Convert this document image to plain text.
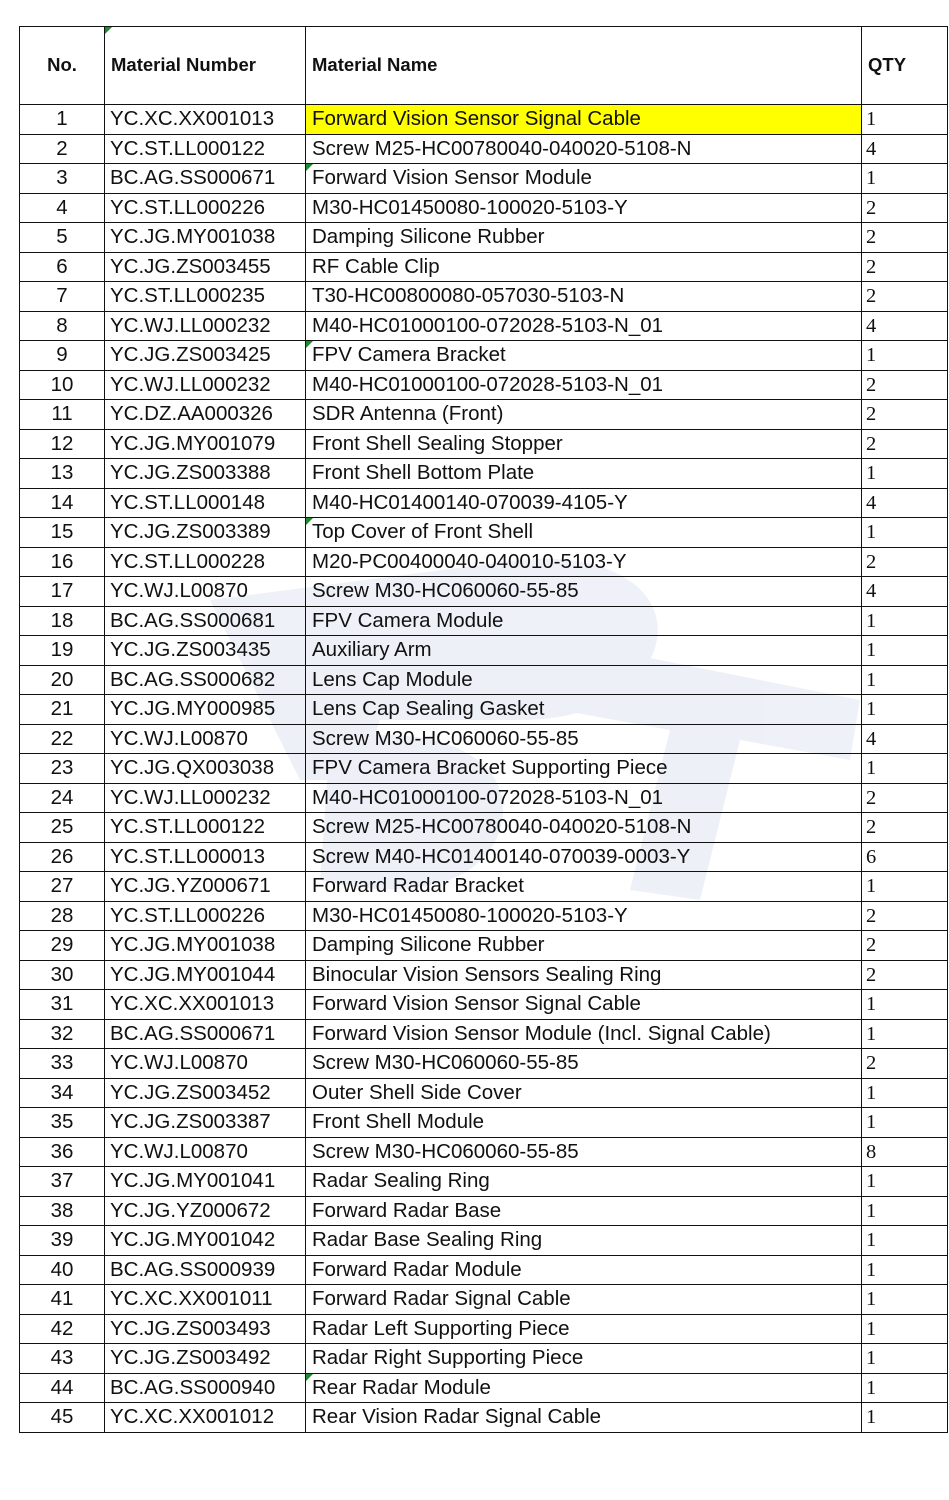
No.	Material Number	Material Name	QTY
1	YC.XC.XX001013	Forward Vision Sensor Signal Cable	1
2	YC.ST.LL000122	Screw M25-HC00780040-040020-5108-N	4
3	BC.AG.SS000671	Forward Vision Sensor Module	1
4	YC.ST.LL000226	M30-HC01450080-100020-5103-Y	2
5	YC.JG.MY001038	Damping Silicone Rubber	2
6	YC.JG.ZS003455	RF Cable Clip	2
7	YC.ST.LL000235	T30-HC00800080-057030-5103-N	2
8	YC.WJ.LL000232	M40-HC01000100-072028-5103-N_01	4
9	YC.JG.ZS003425	FPV Camera Bracket	1
10	YC.WJ.LL000232	M40-HC01000100-072028-5103-N_01	2
11	YC.DZ.AA000326	SDR Antenna (Front)	2
12	YC.JG.MY001079	Front Shell Sealing Stopper	2
13	YC.JG.ZS003388	Front Shell Bottom Plate	1
14	YC.ST.LL000148	M40-HC01400140-070039-4105-Y	4
15	YC.JG.ZS003389	Top Cover of Front Shell	1
16	YC.ST.LL000228	M20-PC00400040-040010-5103-Y	2
17	YC.WJ.L00870	Screw M30-HC060060-55-85	4
18	BC.AG.SS000681	FPV Camera Module	1
19	YC.JG.ZS003435	Auxiliary Arm	1
20	BC.AG.SS000682	Lens Cap Module	1
21	YC.JG.MY000985	Lens Cap Sealing Gasket	1
22	YC.WJ.L00870	Screw M30-HC060060-55-85	4
23	YC.JG.QX003038	FPV Camera Bracket Supporting Piece	1
24	YC.WJ.LL000232	M40-HC01000100-072028-5103-N_01	2
25	YC.ST.LL000122	Screw M25-HC00780040-040020-5108-N	2
26	YC.ST.LL000013	Screw M40-HC01400140-070039-0003-Y	6
27	YC.JG.YZ000671	Forward Radar Bracket	1
28	YC.ST.LL000226	M30-HC01450080-100020-5103-Y	2
29	YC.JG.MY001038	Damping Silicone Rubber	2
30	YC.JG.MY001044	Binocular Vision Sensors Sealing Ring	2
31	YC.XC.XX001013	Forward Vision Sensor Signal Cable	1
32	BC.AG.SS000671	Forward Vision Sensor Module (Incl. Signal Cable)	1
33	YC.WJ.L00870	Screw M30-HC060060-55-85	2
34	YC.JG.ZS003452	Outer Shell Side Cover	1
35	YC.JG.ZS003387	Front Shell Module	1
36	YC.WJ.L00870	Screw M30-HC060060-55-85	8
37	YC.JG.MY001041	Radar Sealing Ring	1
38	YC.JG.YZ000672	Forward Radar Base	1
39	YC.JG.MY001042	Radar Base Sealing Ring	1
40	BC.AG.SS000939	Forward Radar Module	1
41	YC.XC.XX001011	Forward Radar Signal Cable	1
42	YC.JG.ZS003493	Radar Left Supporting Piece	1
43	YC.JG.ZS003492	Radar Right Supporting Piece	1
44	BC.AG.SS000940	Rear Radar Module	1
45	YC.XC.XX001012	Rear Vision Radar Signal Cable	1
